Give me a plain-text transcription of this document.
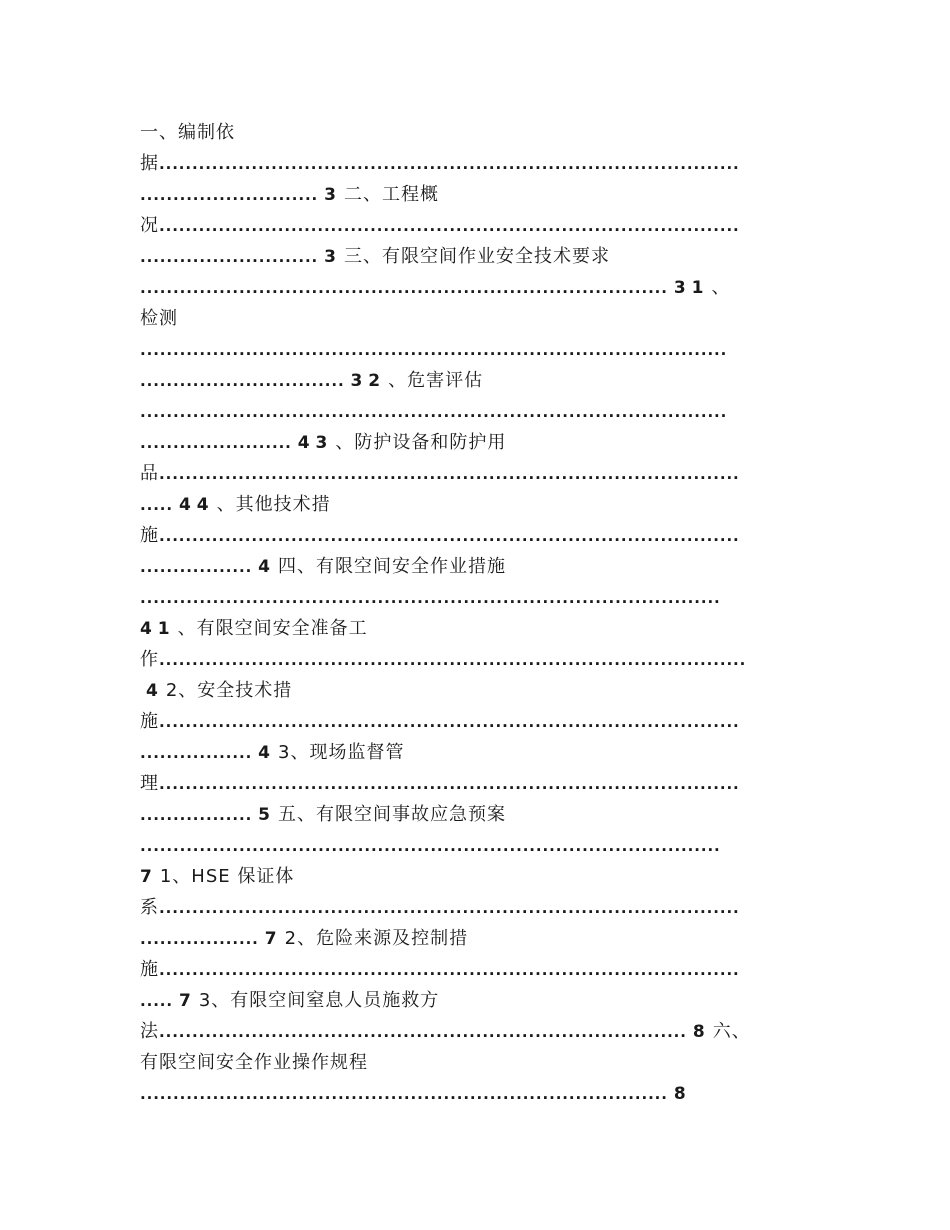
一、编制依
据........................................................................................
........................... 3 二、工程概
况........................................................................................
........................... 3 三、有限空间作业安全技术要求
................................................................................ 3 1 、
检测
.........................................................................................
............................... 3 2 、危害评估
.........................................................................................
....................... 4 3 、防护设备和防护用
品........................................................................................
..... 4 4 、其他技术措
施........................................................................................
................. 4 四、有限空间安全作业措施
........................................................................................
4 1 、有限空间安全准备工
作.........................................................................................
4 2、安全技术措
施........................................................................................
................. 4 3、现场监督管
理........................................................................................
................. 5 五、有限空间事故应急预案
........................................................................................
7 1、HSE 保证体
系........................................................................................
.................. 7 2、危险来源及控制措
施........................................................................................
..... 7 3、有限空间窒息人员施救方
法................................................................................ 8 六、
有限空间安全作业操作规程
................................................................................ 8
